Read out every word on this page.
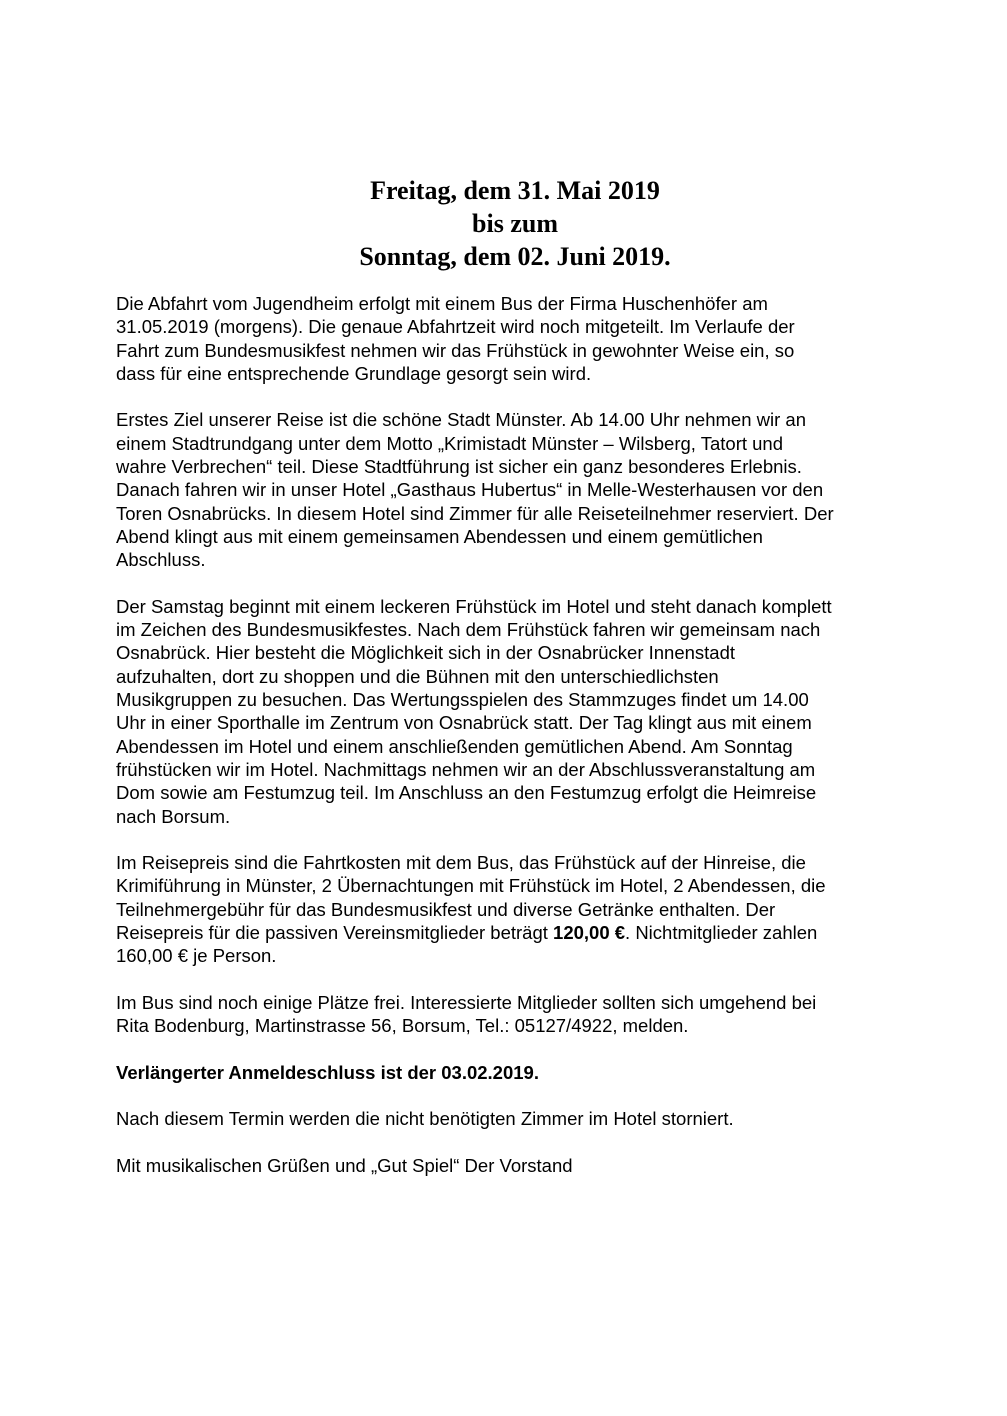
Freitag, dem 31. Mai 2019
bis zum
Sonntag, dem 02. Juni 2019.
Die Abfahrt vom Jugendheim erfolgt mit einem Bus der Firma Huschenhöfer am
31.05.2019 (morgens). Die genaue Abfahrtzeit wird noch mitgeteilt. Im Verlaufe der
Fahrt zum Bundesmusikfest nehmen wir das Frühstück in gewohnter Weise ein, so
dass für eine entsprechende Grundlage gesorgt sein wird.
Erstes Ziel unserer Reise ist die schöne Stadt Münster. Ab 14.00 Uhr nehmen wir an
einem Stadtrundgang unter dem Motto „Krimistadt Münster – Wilsberg, Tatort und
wahre Verbrechen“ teil. Diese Stadtführung ist sicher ein ganz besonderes Erlebnis.
Danach fahren wir in unser Hotel „Gasthaus Hubertus“ in Melle-Westerhausen vor den
Toren Osnabrücks. In diesem Hotel sind Zimmer für alle Reiseteilnehmer reserviert. Der
Abend klingt aus mit einem gemeinsamen Abendessen und einem gemütlichen
Abschluss.
Der Samstag beginnt mit einem leckeren Frühstück im Hotel und steht danach komplett
im Zeichen des Bundesmusikfestes. Nach dem Frühstück fahren wir gemeinsam nach
Osnabrück. Hier besteht die Möglichkeit sich in der Osnabrücker Innenstadt
aufzuhalten, dort zu shoppen und die Bühnen mit den unterschiedlichsten
Musikgruppen zu besuchen. Das Wertungsspielen des Stammzuges findet um 14.00
Uhr in einer Sporthalle im Zentrum von Osnabrück statt. Der Tag klingt aus mit einem
Abendessen im Hotel und einem anschließenden gemütlichen Abend. Am Sonntag
frühstücken wir im Hotel. Nachmittags nehmen wir an der Abschlussveranstaltung am
Dom sowie am Festumzug teil. Im Anschluss an den Festumzug erfolgt die Heimreise
nach Borsum.
Im Reisepreis sind die Fahrtkosten mit dem Bus, das Frühstück auf der Hinreise, die
Krimiführung in Münster, 2 Übernachtungen mit Frühstück im Hotel, 2 Abendessen, die
Teilnehmergebühr für das Bundesmusikfest und diverse Getränke enthalten. Der
Reisepreis für die passiven Vereinsmitglieder beträgt 120,00 €. Nichtmitglieder zahlen
160,00 € je Person.
Im Bus sind noch einige Plätze frei. Interessierte Mitglieder sollten sich umgehend bei
Rita Bodenburg, Martinstrasse 56, Borsum, Tel.: 05127/4922, melden.
Verlängerter Anmeldeschluss ist der 03.02.2019.
Nach diesem Termin werden die nicht benötigten Zimmer im Hotel storniert.
Mit musikalischen Grüßen und „Gut Spiel“ Der Vorstand
